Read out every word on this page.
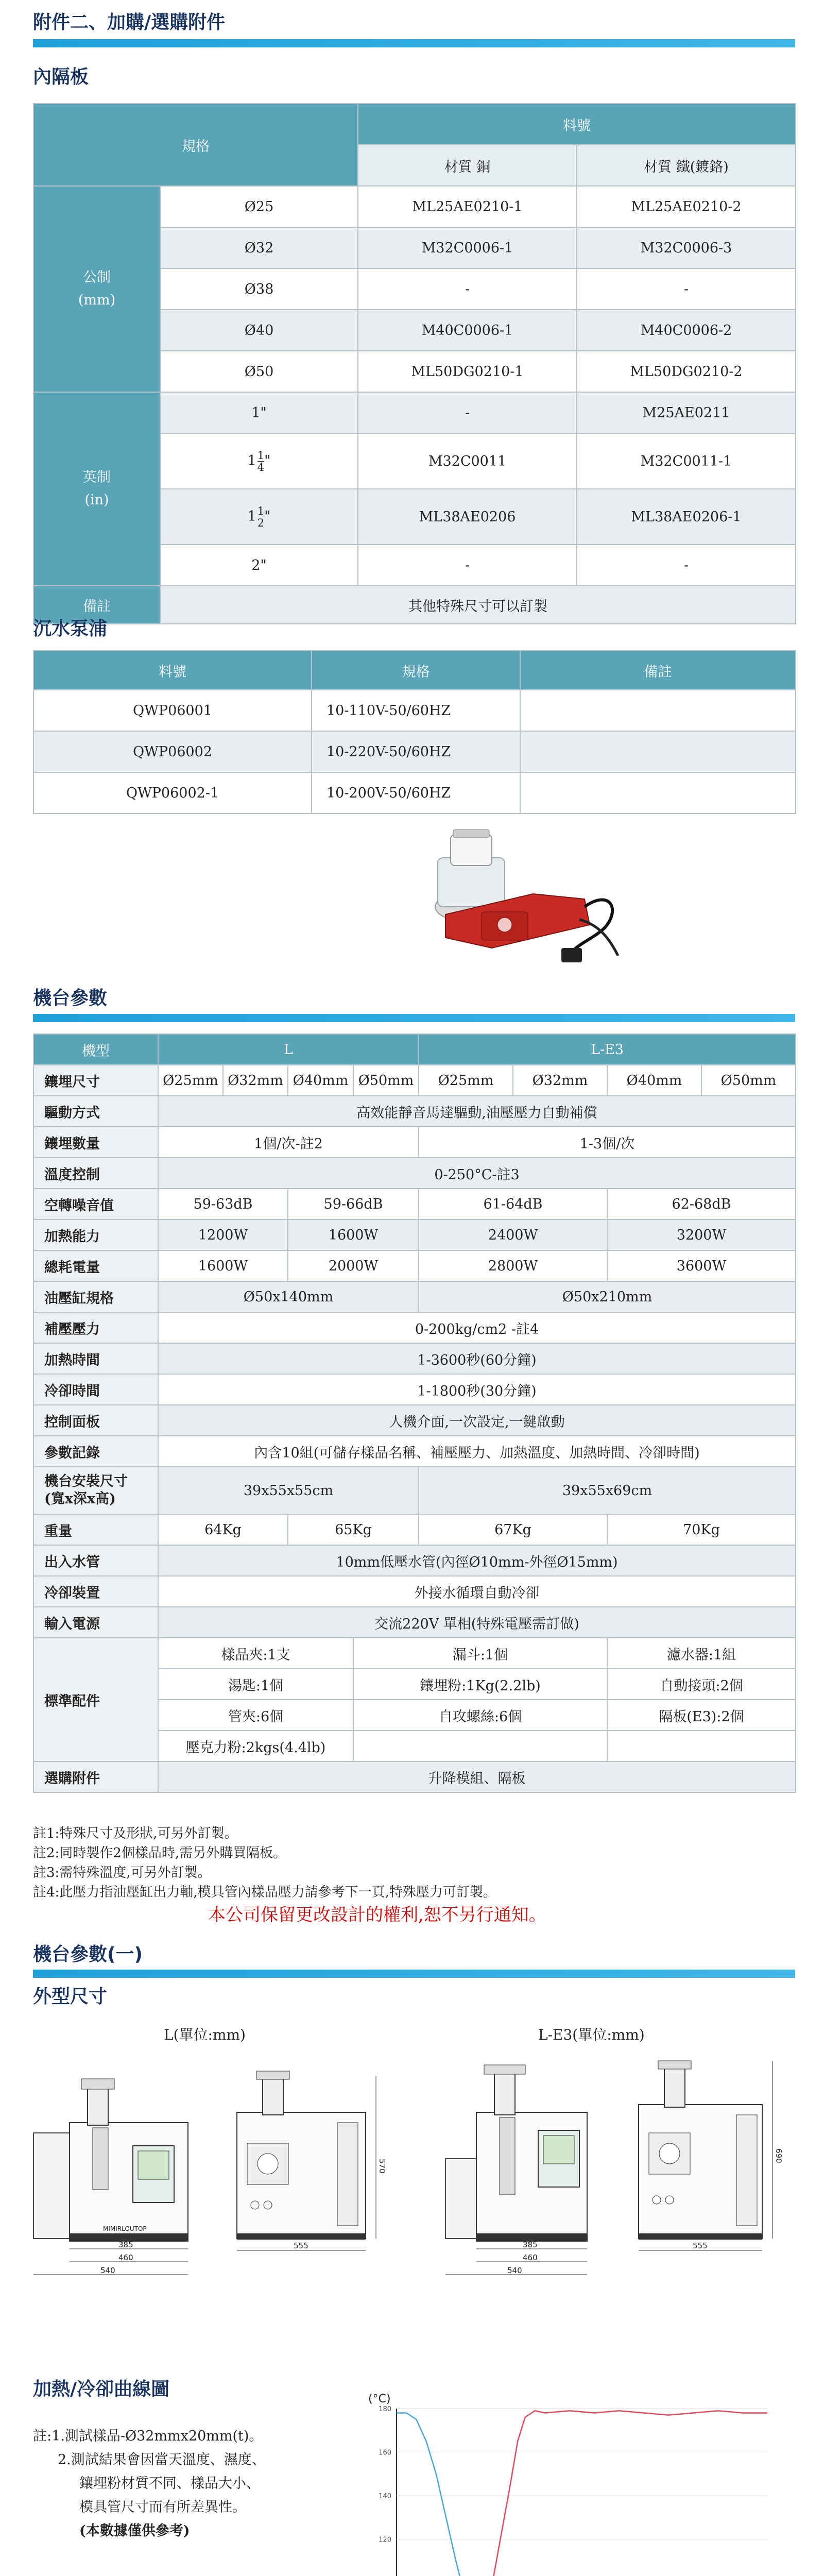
附件二、加購/選購附件
內隔板
規格		料號	
		材質 銅	材質 鐵(鍍鉻)

公制
(mm)	Ø25	ML25AE0210-1	ML25AE0210-2
	Ø32	M32C0006-1	M32C0006-3
	Ø38	-	-
	Ø40	M40C0006-1	M40C0006-2
	Ø50	ML50DG0210-1	ML50DG0210-2

英制
(in)	1"	-	M25AE0211
	$1 \frac{1}{4}$ "	M32C0011	M32C0011-1
	$1 \frac{1}{2}$ "	ML38AE0206	ML38AE0206-1
	2"	-	-
備註	其他特殊尺寸可以訂製		
沉水泵浦
料號	規格	備註
QWP06001	10-110V-50/60HZ	
QWP06002	10-220V-50/60HZ	
QWP06002-1	10-200V-50/60HZ	
機台參數
機型	L				L-E3			
鑲埋尺寸	Ø25mm	Ø32mm	Ø40mm	Ø50mm	Ø25mm	Ø32mm	Ø40mm	Ø50mm
驅動方式	高效能靜音馬達驅動,油壓壓力自動補償							
鑲埋數量	1個/次-註2				1-3個/次			
溫度控制	0-250°C-註3							
空轉噪音值	59-63dB		59-66dB		61-64dB		62-68dB	
加熱能力	1200W		1600W		2400W		3200W	
總耗電量	1600W		2000W		2800W		3600W	
油壓缸規格	Ø50x140mm				Ø50x210mm			
補壓壓力	0-200kg/cm2 -註4							
加熱時間	1-3600秒(60分鐘)							
冷卻時間	1-1800秒(30分鐘)							
控制面板	人機介面,一次設定,一鍵啟動							
參數記錄	內含10組(可儲存樣品名稱、補壓壓力、加熱溫度、加熱時間、冷卻時間)							

機台安裝尺寸
(寬x深x高)	39x55x55cm				39x55x69cm			
重量	64Kg		65Kg		67Kg		70Kg	
出入水管	10mm低壓水管(內徑Ø10mm-外徑Ø15mm)							
冷卻裝置	外接水循環自動冷卻							
輸入電源	交流220V 單相(特殊電壓需訂做)							
標準配件	樣品夾:1支			漏斗:1個			濾水器:1組	
	湯匙:1個			鑲埋粉:1Kg(2.2lb)			自動接頭:2個	
	管夾:6個			自攻螺絲:6個			隔板(E3):2個	
	壓克力粉:2kgs(4.4lb)							
選購附件	升降模組、隔板							
註1:特殊尺寸及形狀,可另外訂製。
註2:同時製作2個樣品時,需另外購買隔板。
註3:需特殊溫度,可另外訂製。
註4:此壓力指油壓缸出力軸,模具管內樣品壓力請參考下一頁,特殊壓力可訂製。
本公司保留更改設計的權利,恕不另行通知。
機台參數(一)
外型尺寸
L(單位:mm)	L-E3(單位:mm)
MIMIRLOUTOP
385
460
540
555
570
385
460
540
555
690
加熱/冷卻曲線圖
註:1.測試樣品-Ø32mmx20mm(t)。
2.測試結果會因當天溫度、濕度、
鑲埋粉材質不同、樣品大小、
模具管尺寸而有所差異性。
(本數據僅供參考)
120
140
160
180
(°C)
